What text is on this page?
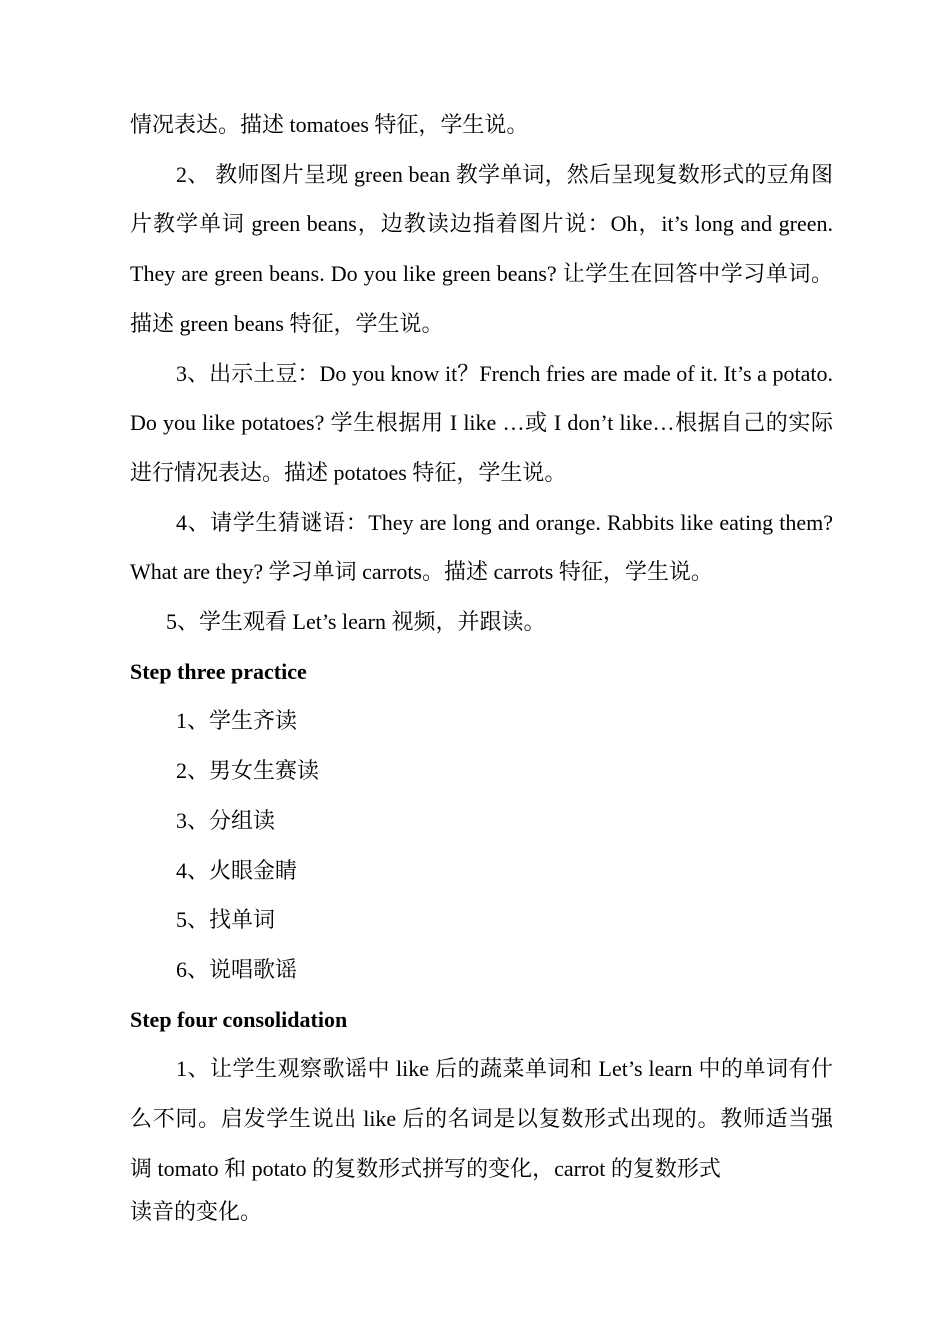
情况表达。描述 tomatoes 特征，学生说。

2、 教师图片呈现 green bean 教学单词，然后呈现复数形式的豆角图片教学单词 green beans，边教读边指着图片说：Oh，it’s long and green. They are green beans. Do you like green beans? 让学生在回答中学习单词。描述 green beans 特征，学生说。

3、出示土豆：Do you know it？French fries are made of it. It’s a potato. Do you like potatoes? 学生根据用 I like …或 I don’t like…根据自己的实际进行情况表达。描述 potatoes 特征，学生说。

4、请学生猜谜语：They are long and orange. Rabbits like eating them? What are they? 学习单词 carrots。描述 carrots 特征，学生说。

5、学生观看 Let’s learn 视频，并跟读。

Step three practice

1、学生齐读

2、男女生赛读

3、分组读

4、火眼金睛

5、找单词

6、说唱歌谣

Step four consolidation

1、让学生观察歌谣中 like 后的蔬菜单词和 Let’s learn 中的单词有什么不同。启发学生说出 like 后的名词是以复数形式出现的。教师适当强调 tomato 和 potato 的复数形式拼写的变化，carrot 的复数形式

读音的变化。
